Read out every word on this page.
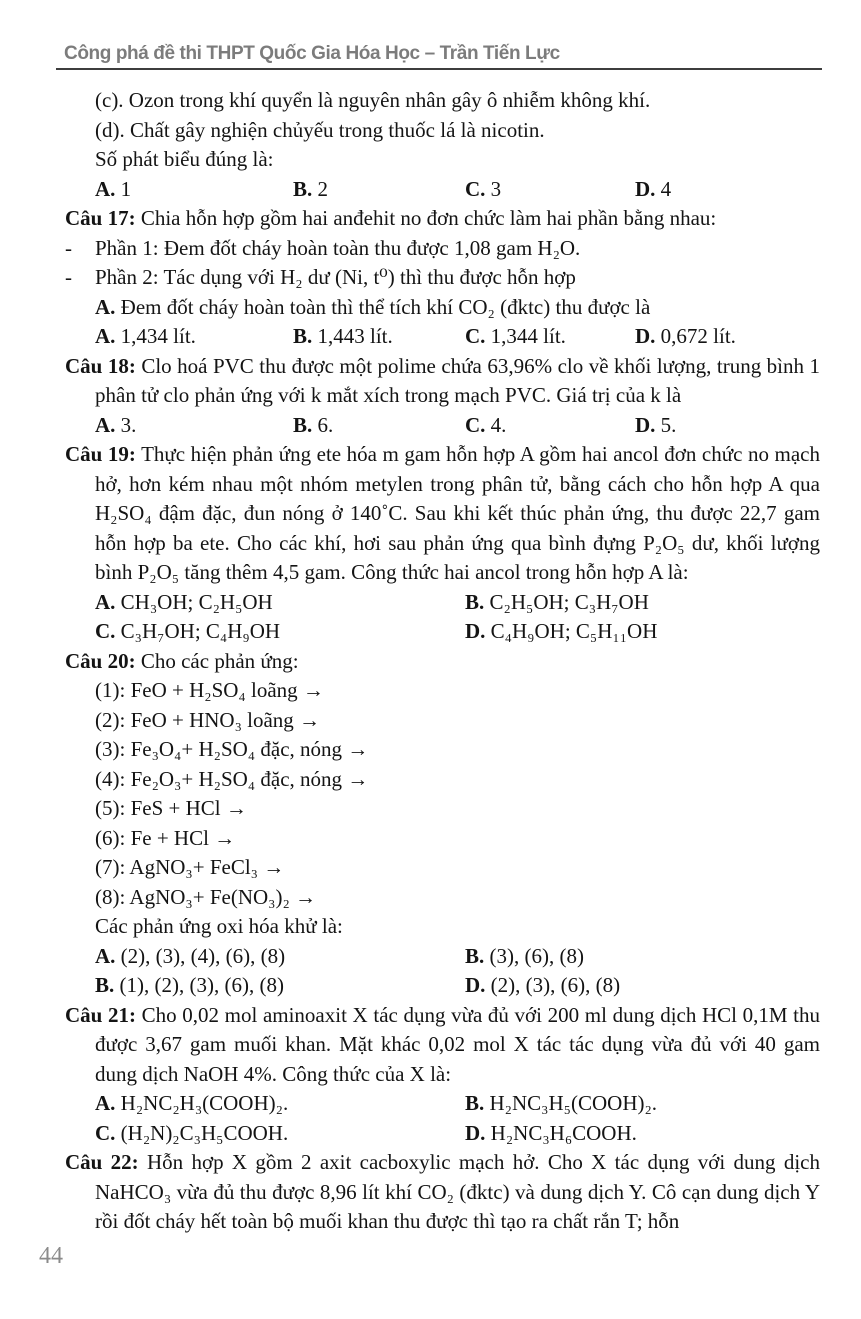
Công phá đề thi THPT Quốc Gia Hóa Học – Trần Tiến Lực

(c). Ozon trong khí quyển là nguyên nhân gây ô nhiễm không khí.

(d). Chất gây nghiện chủyếu trong thuốc lá là nicotin.

Số phát biểu đúng là:

A. 1	B. 2	C. 3	D. 4

Câu 17: Chia hỗn hợp gồm hai anđehit no đơn chức làm hai phần bằng nhau:

- Phần 1: Đem đốt cháy hoàn toàn thu được 1,08 gam H₂O.

- Phần 2: Tác dụng với H₂ dư (Ni, t⁰) thì thu được hỗn hợp

A. Đem đốt cháy hoàn toàn thì thể tích khí CO₂ (đktc) thu được là

A. 1,434 lít.	B. 1,443 lít.	C. 1,344 lít.	D. 0,672 lít.

Câu 18: Clo hoá PVC thu được một polime chứa 63,96% clo về khối lượng, trung bình 1 phân tử clo phản ứng với k mắt xích trong mạch PVC. Giá trị của k là

A. 3.	B. 6.	C. 4.	D. 5.

Câu 19: Thực hiện phản ứng ete hóa m gam hỗn hợp A gồm hai ancol đơn chức no mạch hở, hơn kém nhau một nhóm metylen trong phân tử, bằng cách cho hỗn hợp A qua H₂SO₄ đậm đặc, đun nóng ở 140˚C. Sau khi kết thúc phản ứng, thu được 22,7 gam hỗn hợp ba ete. Cho các khí, hơi sau phản ứng qua bình đựng P₂O₅ dư, khối lượng bình P₂O₅ tăng thêm 4,5 gam. Công thức hai ancol trong hỗn hợp A là:

A. CH₃OH; C₂H₅OH	B. C₂H₅OH; C₃H₇OH
C. C₃H₇OH; C₄H₉OH	D. C₄H₉OH; C₅H₁₁OH

Câu 20: Cho các phản ứng:

(1): FeO + H₂SO₄ loãng →

(2): FeO + HNO₃ loãng →

(3): Fe₃O₄+ H₂SO₄ đặc, nóng →

(4): Fe₂O₃+ H₂SO₄ đặc, nóng →

(5): FeS + HCl →

(6): Fe + HCl →

(7): AgNO₃+ FeCl₃ →

(8): AgNO₃+ Fe(NO₃)₂ →

Các phản ứng oxi hóa khử là:

A. (2), (3), (4), (6), (8)	B. (3), (6), (8)
B. (1), (2), (3), (6), (8)	D. (2), (3), (6), (8)

Câu 21: Cho 0,02 mol aminoaxit X tác dụng vừa đủ với 200 ml dung dịch HCl 0,1M thu được 3,67 gam muối khan. Mặt khác 0,02 mol X tác tác dụng vừa đủ với 40 gam dung dịch NaOH 4%. Công thức của X là:

A. H₂NC₂H₃(COOH)₂.	B. H₂NC₃H₅(COOH)₂.
C. (H₂N)₂C₃H₅COOH.	D. H₂NC₃H₆COOH.

Câu 22: Hỗn hợp X gồm 2 axit cacboxylic mạch hở. Cho X tác dụng với dung dịch NaHCO₃ vừa đủ thu được 8,96 lít khí CO₂ (đktc) và dung dịch Y. Cô cạn dung dịch Y rồi đốt cháy hết toàn bộ muối khan thu được thì tạo ra chất rắn T; hỗn

44
